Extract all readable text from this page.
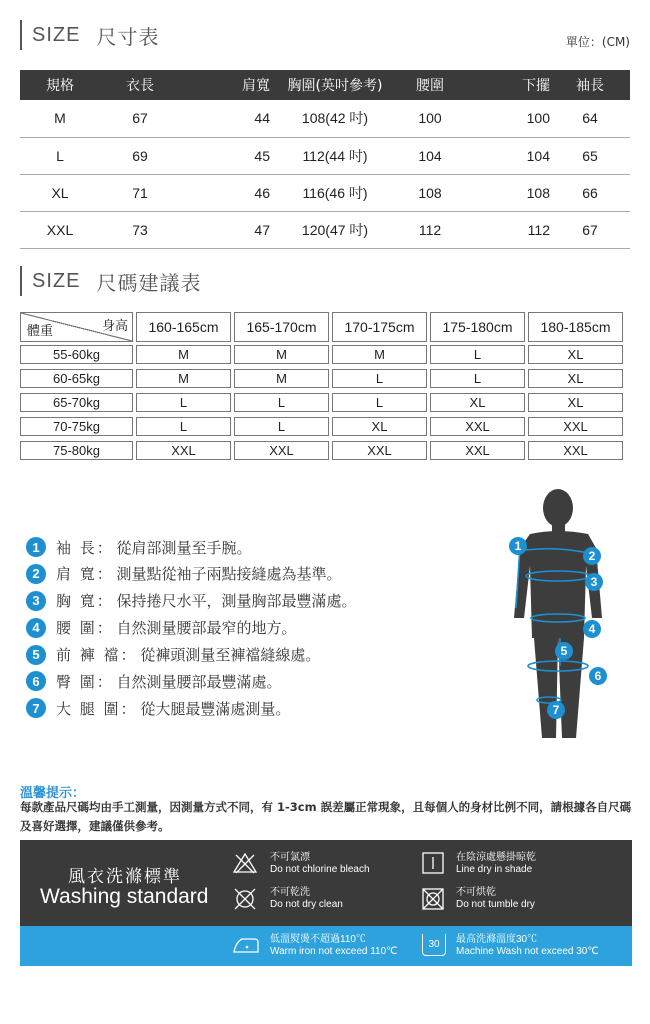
SIZE 尺寸表	單位：(CM)
規格	衣長	肩寬	胸圍(英吋參考)	腰圍	下擺	袖長
M	67	44	108(42 吋)	100	100	64
L	69	45	112(44 吋)	104	104	65
XL	71	46	116(46 吋)	108	108	66
XXL	73	47	120(47 吋)	112	112	67
SIZE 尺碼建議表
身高
體重	160-165cm	165-170cm	170-175cm	175-180cm	180-185cm
55-60kg	M	M	M	L	XL
60-65kg	M	M	L	L	XL
65-70kg	L	L	L	XL	XL
70-75kg	L	L	XL	XXL	XXL
75-80kg	XXL	XXL	XXL	XXL	XXL
1	袖 長 ： 從肩部測量至手腕。
2	肩 寬 ： 測量點從袖子兩點接縫處為基準。
3	胸 寬 ： 保持捲尺水平，測量胸部最豐滿處。
4	腰 圍 ： 自然測量腰部最窄的地方。
5	前 褲 襠 ： 從褲頭測量至褲襠縫線處。
6	臀 圍 ： 自然測量腰部最豐滿處。
7	大 腿 圍 ： 從大腿最豐滿處測量。
1
2
3
4
5
6
7
溫馨提示：
每款產品尺碼均由手工測量，因測量方式不同，有 1-3cm 誤差屬正常現象，且每個人的身材比例不同，請根據各自尺碼及喜好選擇，建議僅供參考。
風衣洗滌標準
Washing standard
不可氯漂
Do not chlorine bleach
在陰涼處懸掛晾乾
Line dry in shade
不可乾洗
Do not dry clean
不可烘乾
Do not tumble dry
低溫熨燙不超過110℃
Warm iron not exceed 110℃
30 最高洗滌溫度30℃
Machine Wash not exceed 30℃
